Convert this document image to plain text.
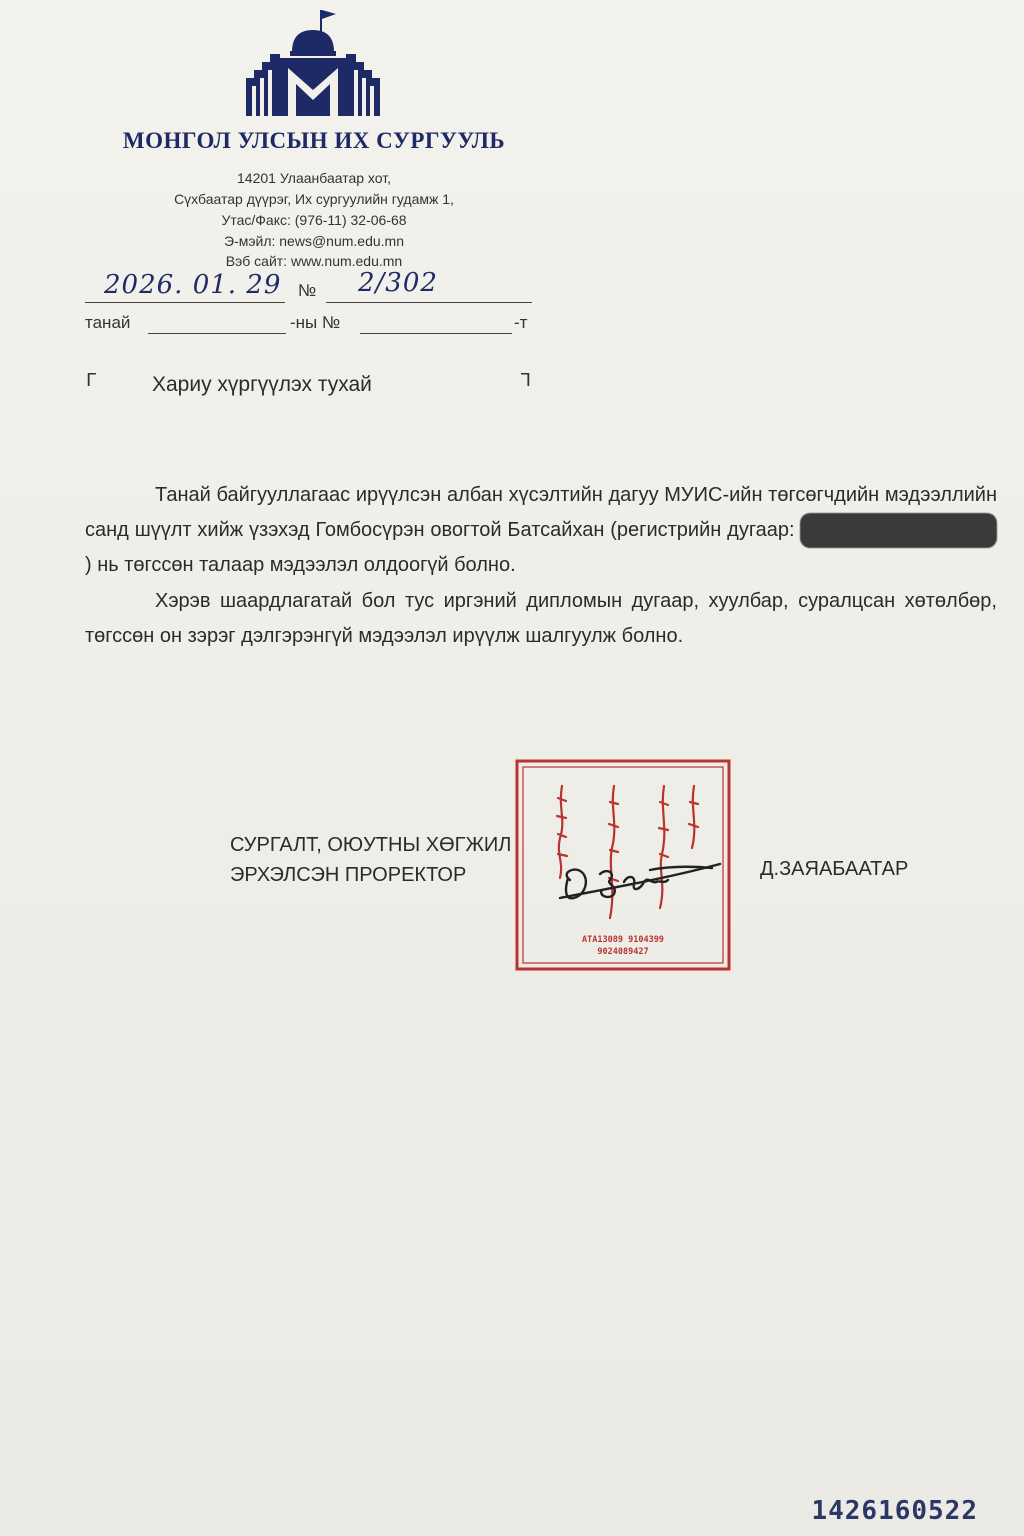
МОНГОЛ УЛСЫН ИХ СУРГУУЛЬ
14201 Улаанбаатар хот,
Сүхбаатар дүүрэг, Их сургуулийн гудамж 1,
Утас/Факс: (976-11) 32-06-68
Э-мэйл: news@num.edu.mn
Вэб сайт: www.num.edu.mn
2026. 01. 29 № 2/302
танай	-ны №	-т
ᒥ	Хариу хүргүүлэх тухай	ᒣ

Танай байгууллагаас ирүүлсэн албан хүсэлтийн дагуу МУИС-ийн төгсөгчдийн мэдээллийн санд шүүлт хийж үзэхэд Гомбосүрэн овогтой Батсайхан (регистрийн дугаар:	ЕЮ74122017) нь төгссөн талаар мэдээлэл олдоогүй болно.

Хэрэв шаардлагатай бол тус иргэний дипломын дугаар, хуулбар, суралцсан хөтөлбөр, төгссөн он зэрэг дэлгэрэнгүй мэдээлэл ирүүлж шалгуулж болно.

СУРГАЛТ, ОЮУТНЫ ХӨГЖИЛ
ЭРХЭЛСЭН ПРОРЕКТОР
АТА13089 9104399
9024089427
Д.ЗАЯАБААТАР
1426160522
